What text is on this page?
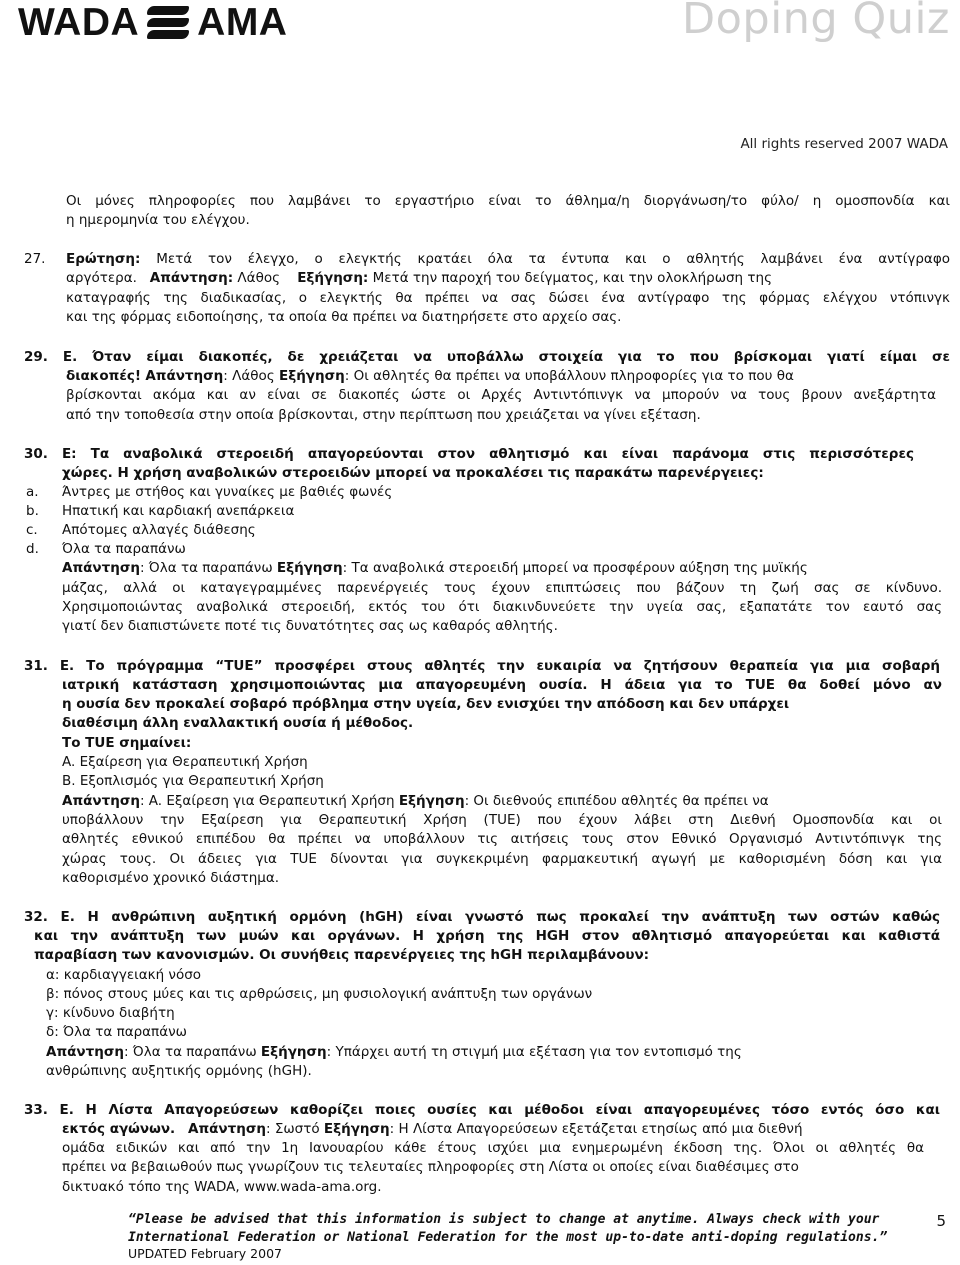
WADA AMA	Doping Quiz
All rights reserved 2007 WADA
Οι μόνες πληροφορίες που λαμβάνει το εργαστήριο είναι το άθλημα/η διοργάνωση/το φύλο/ η ομοσπονδία και
η ημερομηνία του ελέγχου.
27. Ερώτηση: Μετά τον έλεγχο, ο ελεγκτής κρατάει όλα τα έντυπα και ο αθλητής λαμβάνει ένα αντίγραφο
αργότερα. Απάντηση: Λάθος    Εξήγηση: Μετά την παροχή του δείγματος, και την ολοκλήρωση της
καταγραφής της διαδικασίας, ο ελεγκτής θα πρέπει να σας δώσει ένα αντίγραφο της φόρμας ελέγχου ντόπινγκ
και της φόρμας ειδοποίησης, τα οποία θα πρέπει να διατηρήσετε στο αρχείο σας.
29. Ε. Όταν είμαι διακοπές, δε χρειάζεται να υποβάλλω στοιχεία για το που βρίσκομαι γιατί είμαι σε
διακοπές! Απάντηση: Λάθος Εξήγηση: Οι αθλητές θα πρέπει να υποβάλλουν πληροφορίες για το που θα
βρίσκονται ακόμα και αν είναι σε διακοπές ώστε οι Αρχές Αντιντόπινγκ να μπορούν να τους βρουν ανεξάρτητα
από την τοποθεσία στην οποία βρίσκονται, στην περίπτωση που χρειάζεται να γίνει εξέταση.
30. Ε: Τα αναβολικά στεροειδή απαγορεύονται στον αθλητισμό και είναι παράνομα στις περισσότερες
χώρες. Η χρήση αναβολικών στεροειδών μπορεί να προκαλέσει τις παρακάτω παρενέργειες:
a. Άντρες με στήθος και γυναίκες με βαθιές φωνές
b. Ηπατική και καρδιακή ανεπάρκεια
c. Απότομες αλλαγές διάθεσης
d. Όλα τα παραπάνω
Απάντηση: Όλα τα παραπάνω Εξήγηση: Τα αναβολικά στεροειδή μπορεί να προσφέρουν αύξηση της μυϊκής
μάζας, αλλά οι καταγεγραμμένες παρενέργειές τους έχουν επιπτώσεις που βάζουν τη ζωή σας σε κίνδυνο.
Χρησιμοποιώντας αναβολικά στεροειδή, εκτός του ότι διακινδυνεύετε την υγεία σας, εξαπατάτε τον εαυτό σας
γιατί δεν διαπιστώνετε ποτέ τις δυνατότητες σας ως καθαρός αθλητής.
31. Ε. Το πρόγραμμα “TUE” προσφέρει στους αθλητές την ευκαιρία να ζητήσουν θεραπεία για μια σοβαρή
ιατρική κατάσταση χρησιμοποιώντας μια απαγορευμένη ουσία. Η άδεια για το TUE θα δοθεί μόνο αν
η ουσία δεν προκαλεί σοβαρό πρόβλημα στην υγεία, δεν ενισχύει την απόδοση και δεν υπάρχει
διαθέσιμη άλλη εναλλακτική ουσία ή μέθοδος.
Το TUE σημαίνει:
A. Εξαίρεση για Θεραπευτική Χρήση
B. Εξοπλισμός για Θεραπευτική Χρήση
Απάντηση: A. Εξαίρεση για Θεραπευτική Χρήση Εξήγηση: Οι διεθνούς επιπέδου αθλητές θα πρέπει να
υποβάλλουν την Εξαίρεση για Θεραπευτική Χρήση (TUE) που έχουν λάβει στη Διεθνή Ομοσπονδία και οι
αθλητές εθνικού επιπέδου θα πρέπει να υποβάλλουν τις αιτήσεις τους στον Εθνικό Οργανισμό Αντιντόπινγκ της
χώρας τους. Οι άδειες για TUE δίνονται για συγκεκριμένη φαρμακευτική αγωγή με καθορισμένη δόση και για
καθορισμένο χρονικό διάστημα.
32. Ε. Η ανθρώπινη αυξητική ορμόνη (hGH) είναι γνωστό πως προκαλεί την ανάπτυξη των οστών καθώς
και την ανάπτυξη των μυών και οργάνων. Η χρήση της HGH στον αθλητισμό απαγορεύεται και καθιστά
παραβίαση των κανονισμών. Οι συνήθεις παρενέργειες της hGH περιλαμβάνουν:
α: καρδιαγγειακή νόσο
β: πόνος στους μύες και τις αρθρώσεις, μη φυσιολογική ανάπτυξη των οργάνων
γ: κίνδυνο διαβήτη
δ: Όλα τα παραπάνω
Απάντηση: Όλα τα παραπάνω Εξήγηση: Υπάρχει αυτή τη στιγμή μια εξέταση για τον εντοπισμό της
ανθρώπινης αυξητικής ορμόνης (hGH).
33. Ε. Η Λίστα Απαγορεύσεων καθορίζει ποιες ουσίες και μέθοδοι είναι απαγορευμένες τόσο εντός όσο και
εκτός αγώνων. Απάντηση: Σωστό Εξήγηση: Η Λίστα Απαγορεύσεων εξετάζεται ετησίως από μια διεθνή
ομάδα ειδικών και από την 1η Ιανουαρίου κάθε έτους ισχύει μια ενημερωμένη έκδοση της. Όλοι οι αθλητές θα
πρέπει να βεβαιωθούν πως γνωρίζουν τις τελευταίες πληροφορίες στη Λίστα οι οποίες είναι διαθέσιμες στο
δικτυακό τόπο της WADA, www.wada-ama.org.
“Please be advised that this information is subject to change at anytime. Always check with your
International Federation or National Federation for the most up-to-date anti-doping regulations.”
5
UPDATED February 2007
